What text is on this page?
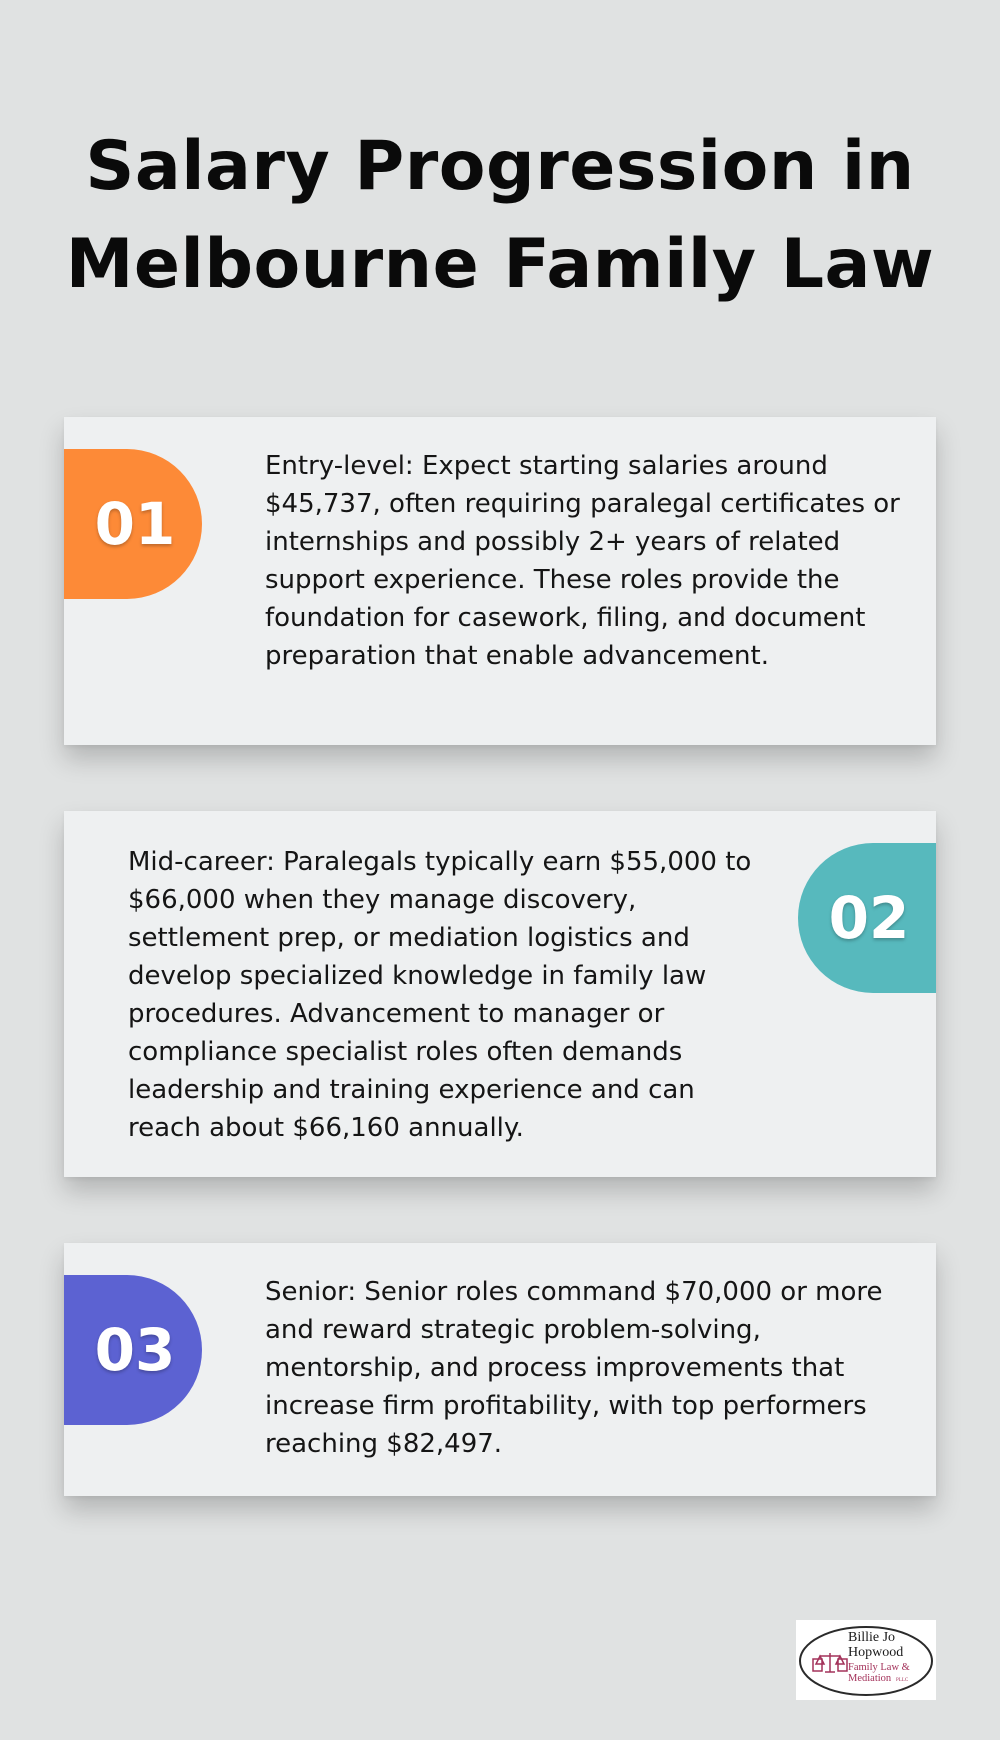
Salary Progression in Melbourne Family Law
01

Entry-level: Expect starting salaries around $45,737, often requiring paralegal certificates or internships and possibly 2+ years of related support experience. These roles provide the foundation for casework, filing, and document preparation that enable advancement.

02

Mid-career: Paralegals typically earn $55,000 to $66,000 when they manage discovery, settlement prep, or mediation logistics and develop specialized knowledge in family law procedures. Advancement to manager or compliance specialist roles often demands leadership and training experience and can reach about $66,160 annually.

03

Senior: Senior roles command $70,000 or more and reward strategic problem-solving, mentorship, and process improvements that increase firm profitability, with top performers reaching $82,497.

Billie Jo
Hopwood
Family Law &
Mediation PLLC
